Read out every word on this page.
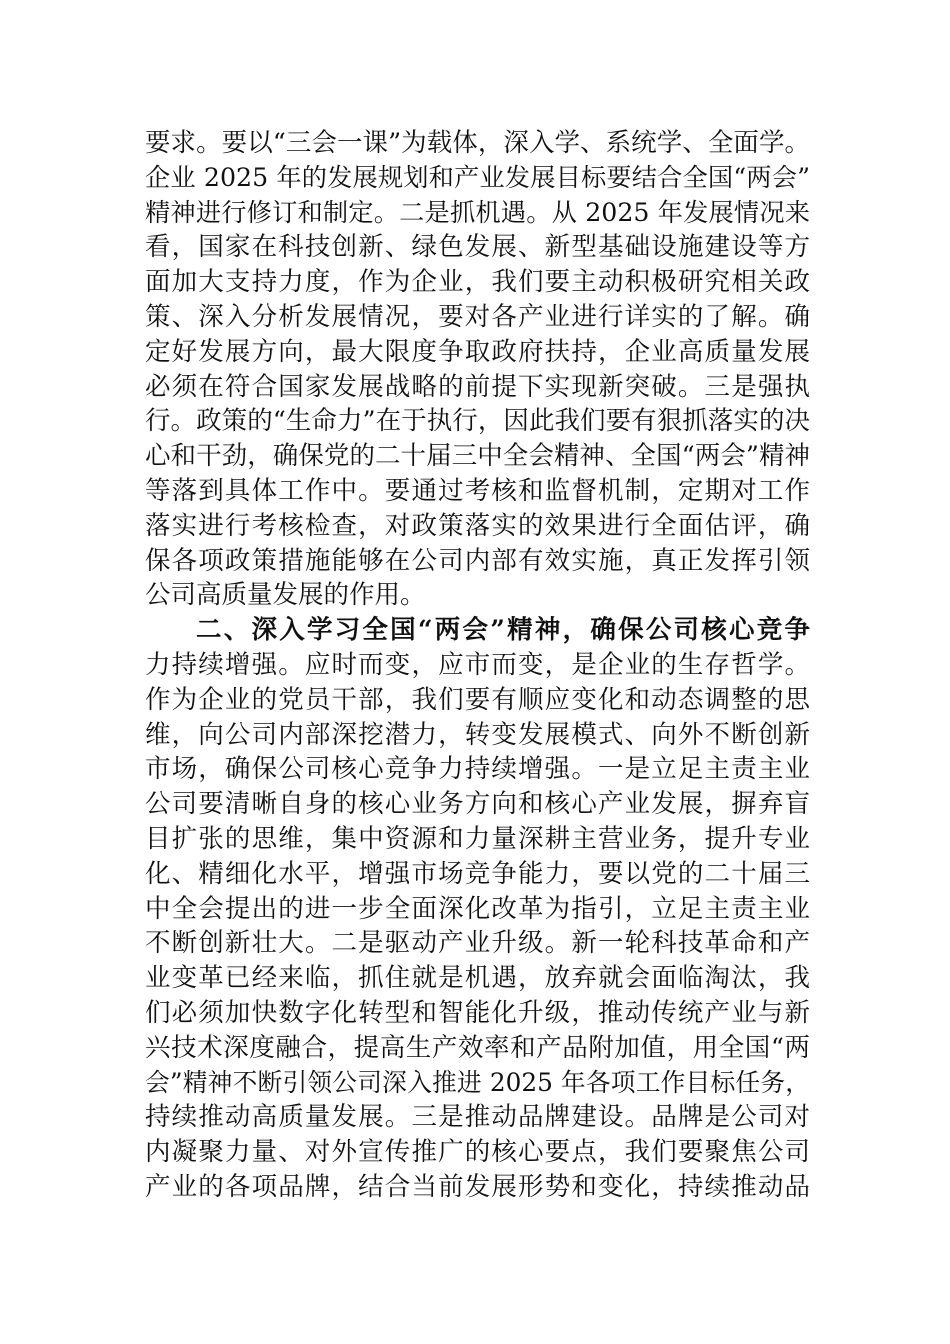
要求。要以“三会一课”为载体，深入学、系统学、全面学。
企业 2025 年的发展规划和产业发展目标要结合全国“两会”
精神进行修订和制定。二是抓机遇。从 2025 年发展情况来
看，国家在科技创新、绿色发展、新型基础设施建设等方
面加大支持力度，作为企业，我们要主动积极研究相关政
策、深入分析发展情况，要对各产业进行详实的了解。确
定好发展方向，最大限度争取政府扶持，企业高质量发展
必须在符合国家发展战略的前提下实现新突破。三是强执
行。政策的“生命力”在于执行，因此我们要有狠抓落实的决
心和干劲，确保党的二十届三中全会精神、全国“两会”精神
等落到具体工作中。要通过考核和监督机制，定期对工作
落实进行考核检查，对政策落实的效果进行全面估评，确
保各项政策措施能够在公司内部有效实施，真正发挥引领
公司高质量发展的作用。
二、深入学习全国“两会”精神，确保公司核心竞争
力持续增强。应时而变，应市而变，是企业的生存哲学。
作为企业的党员干部，我们要有顺应变化和动态调整的思
维，向公司内部深挖潜力，转变发展模式、向外不断创新
市场，确保公司核心竞争力持续增强。一是立足主责主业
公司要清晰自身的核心业务方向和核心产业发展，摒弃盲
目扩张的思维，集中资源和力量深耕主营业务，提升专业
化、精细化水平，增强市场竞争能力，要以党的二十届三
中全会提出的进一步全面深化改革为指引，立足主责主业
不断创新壮大。二是驱动产业升级。新一轮科技革命和产
业变革已经来临，抓住就是机遇，放弃就会面临淘汰，我
们必须加快数字化转型和智能化升级，推动传统产业与新
兴技术深度融合，提高生产效率和产品附加值，用全国“两
会”精神不断引领公司深入推进 2025 年各项工作目标任务，
持续推动高质量发展。三是推动品牌建设。品牌是公司对
内凝聚力量、对外宣传推广的核心要点，我们要聚焦公司
产业的各项品牌，结合当前发展形势和变化，持续推动品
